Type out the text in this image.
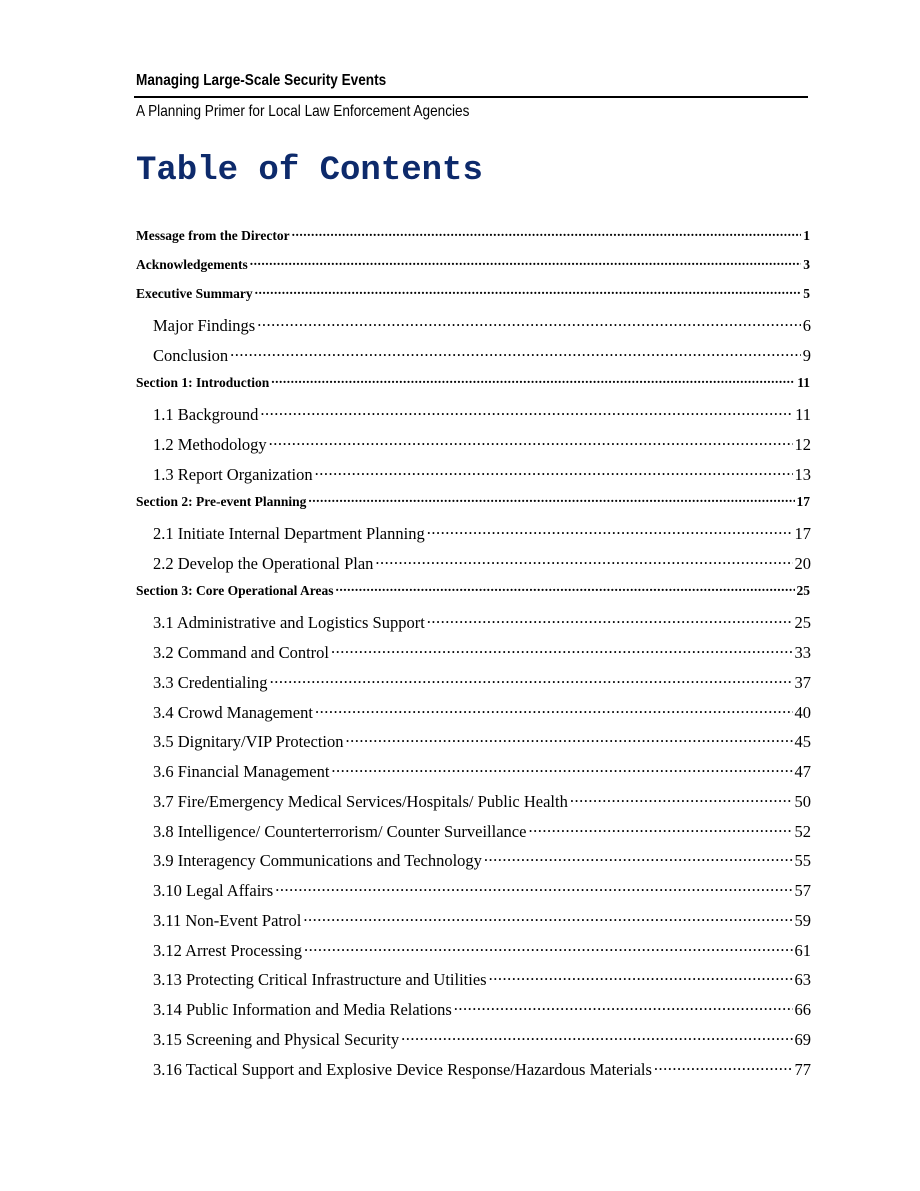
Managing Large-Scale Security Events
A Planning Primer for Local Law Enforcement Agencies
Table of Contents
Message from the Director .....	1
Acknowledgements .....	3
Executive Summary .....	5
Major Findings .....	6
Conclusion .....	9
Section 1: Introduction .....	11
1.1 Background .....	11
1.2 Methodology .....	12
1.3 Report Organization .....	13
Section 2: Pre-event Planning .....	17
2.1 Initiate Internal Department Planning .....	17
2.2 Develop the Operational Plan .....	20
Section 3: Core Operational Areas .....	25
3.1 Administrative and Logistics Support .....	25
3.2 Command and Control .....	33
3.3 Credentialing .....	37
3.4 Crowd Management .....	40
3.5 Dignitary/VIP Protection .....	45
3.6 Financial Management .....	47
3.7 Fire/Emergency Medical Services/Hospitals/ Public Health .....	50
3.8 Intelligence/ Counterterrorism/ Counter Surveillance .....	52
3.9 Interagency Communications and Technology .....	55
3.10 Legal Affairs .....	57
3.11 Non-Event Patrol .....	59
3.12 Arrest Processing .....	61
3.13 Protecting Critical Infrastructure and Utilities .....	63
3.14 Public Information and Media Relations .....	66
3.15 Screening and Physical Security .....	69
3.16 Tactical Support and Explosive Device Response/Hazardous Materials .....	77
